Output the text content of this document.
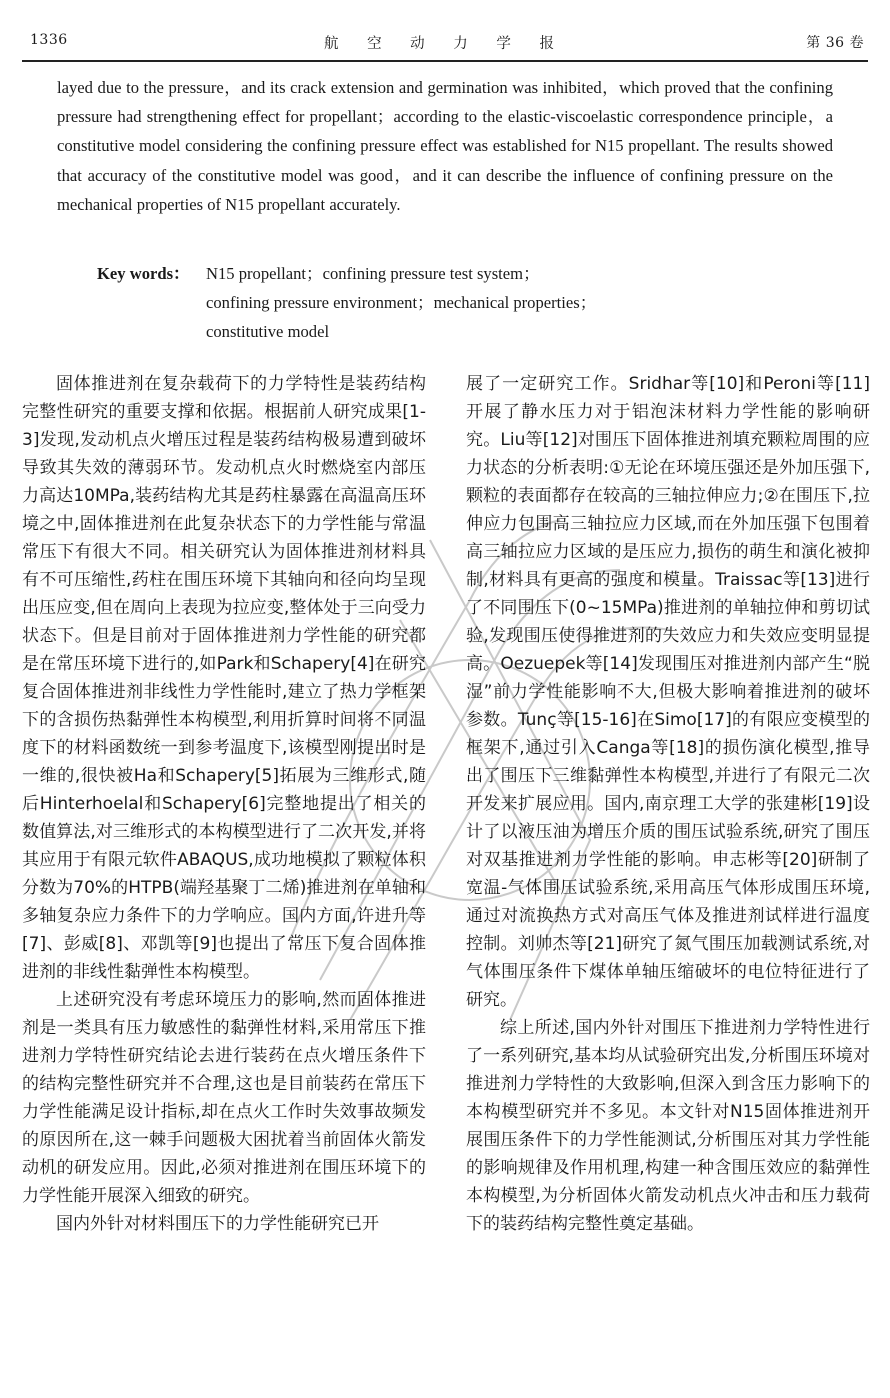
1336	航 空 动 力 学 报	第 36 卷

layed due to the pressure，and its crack extension and germination was inhibited，which proved that the confining pressure had strengthening effect for propellant；according to the elastic-viscoelastic correspondence principle，a constitutive model considering the confining pressure effect was established for N15 propellant. The results showed that accuracy of the constitutive model was good，and it can describe the influence of confining pressure on the mechanical properties of N15 propellant accurately.

Key words： N15 propellant；confining pressure test system；
confining pressure environment；mechanical properties；
constitutive model

固体推进剂在复杂载荷下的力学特性是装药结构完整性研究的重要支撑和依据。根据前人研究成果[1-3]发现,发动机点火增压过程是装药结构极易遭到破坏导致其失效的薄弱环节。发动机点火时燃烧室内部压力高达10MPa,装药结构尤其是药柱暴露在高温高压环境之中,固体推进剂在此复杂状态下的力学性能与常温常压下有很大不同。相关研究认为固体推进剂材料具有不可压缩性,药柱在围压环境下其轴向和径向均呈现出压应变,但在周向上表现为拉应变,整体处于三向受力状态下。但是目前对于固体推进剂力学性能的研究都是在常压环境下进行的,如Park和Schapery[4]在研究复合固体推进剂非线性力学性能时,建立了热力学框架下的含损伤热黏弹性本构模型,利用折算时间将不同温度下的材料函数统一到参考温度下,该模型刚提出时是一维的,很快被Ha和Schapery[5]拓展为三维形式,随后Hinterhoelal和Schapery[6]完整地提出了相关的数值算法,对三维形式的本构模型进行了二次开发,并将其应用于有限元软件ABAQUS,成功地模拟了颗粒体积分数为70%的HTPB(端羟基聚丁二烯)推进剂在单轴和多轴复杂应力条件下的力学响应。国内方面,许进升等[7]、彭威[8]、邓凯等[9]也提出了常压下复合固体推进剂的非线性黏弹性本构模型。

上述研究没有考虑环境压力的影响,然而固体推进剂是一类具有压力敏感性的黏弹性材料,采用常压下推进剂力学特性研究结论去进行装药在点火增压条件下的结构完整性研究并不合理,这也是目前装药在常压下力学性能满足设计指标,却在点火工作时失效事故频发的原因所在,这一棘手问题极大困扰着当前固体火箭发动机的研发应用。因此,必须对推进剂在围压环境下的力学性能开展深入细致的研究。

国内外针对材料围压下的力学性能研究已开

展了一定研究工作。Sridhar等[10]和Peroni等[11]开展了静水压力对于铝泡沫材料力学性能的影响研究。Liu等[12]对围压下固体推进剂填充颗粒周围的应力状态的分析表明:①无论在环境压强还是外加压强下,颗粒的表面都存在较高的三轴拉伸应力;②在围压下,拉伸应力包围高三轴拉应力区域,而在外加压强下包围着高三轴拉应力区域的是压应力,损伤的萌生和演化被抑制,材料具有更高的强度和模量。Traissac等[13]进行了不同围压下(0~15MPa)推进剂的单轴拉伸和剪切试验,发现围压使得推进剂的失效应力和失效应变明显提高。Oezuepek等[14]发现围压对推进剂内部产生“脱湿”前力学性能影响不大,但极大影响着推进剂的破坏参数。Tunç等[15-16]在Simo[17]的有限应变模型的框架下,通过引入Canga等[18]的损伤演化模型,推导出了围压下三维黏弹性本构模型,并进行了有限元二次开发来扩展应用。国内,南京理工大学的张建彬[19]设计了以液压油为增压介质的围压试验系统,研究了围压对双基推进剂力学性能的影响。申志彬等[20]研制了宽温-气体围压试验系统,采用高压气体形成围压环境,通过对流换热方式对高压气体及推进剂试样进行温度控制。刘帅杰等[21]研究了氮气围压加载测试系统,对气体围压条件下煤体单轴压缩破坏的电位特征进行了研究。

综上所述,国内外针对围压下推进剂力学特性进行了一系列研究,基本均从试验研究出发,分析围压环境对推进剂力学特性的大致影响,但深入到含压力影响下的本构模型研究并不多见。本文针对N15固体推进剂开展围压条件下的力学性能测试,分析围压对其力学性能的影响规律及作用机理,构建一种含围压效应的黏弹性本构模型,为分析固体火箭发动机点火冲击和压力载荷下的装药结构完整性奠定基础。
